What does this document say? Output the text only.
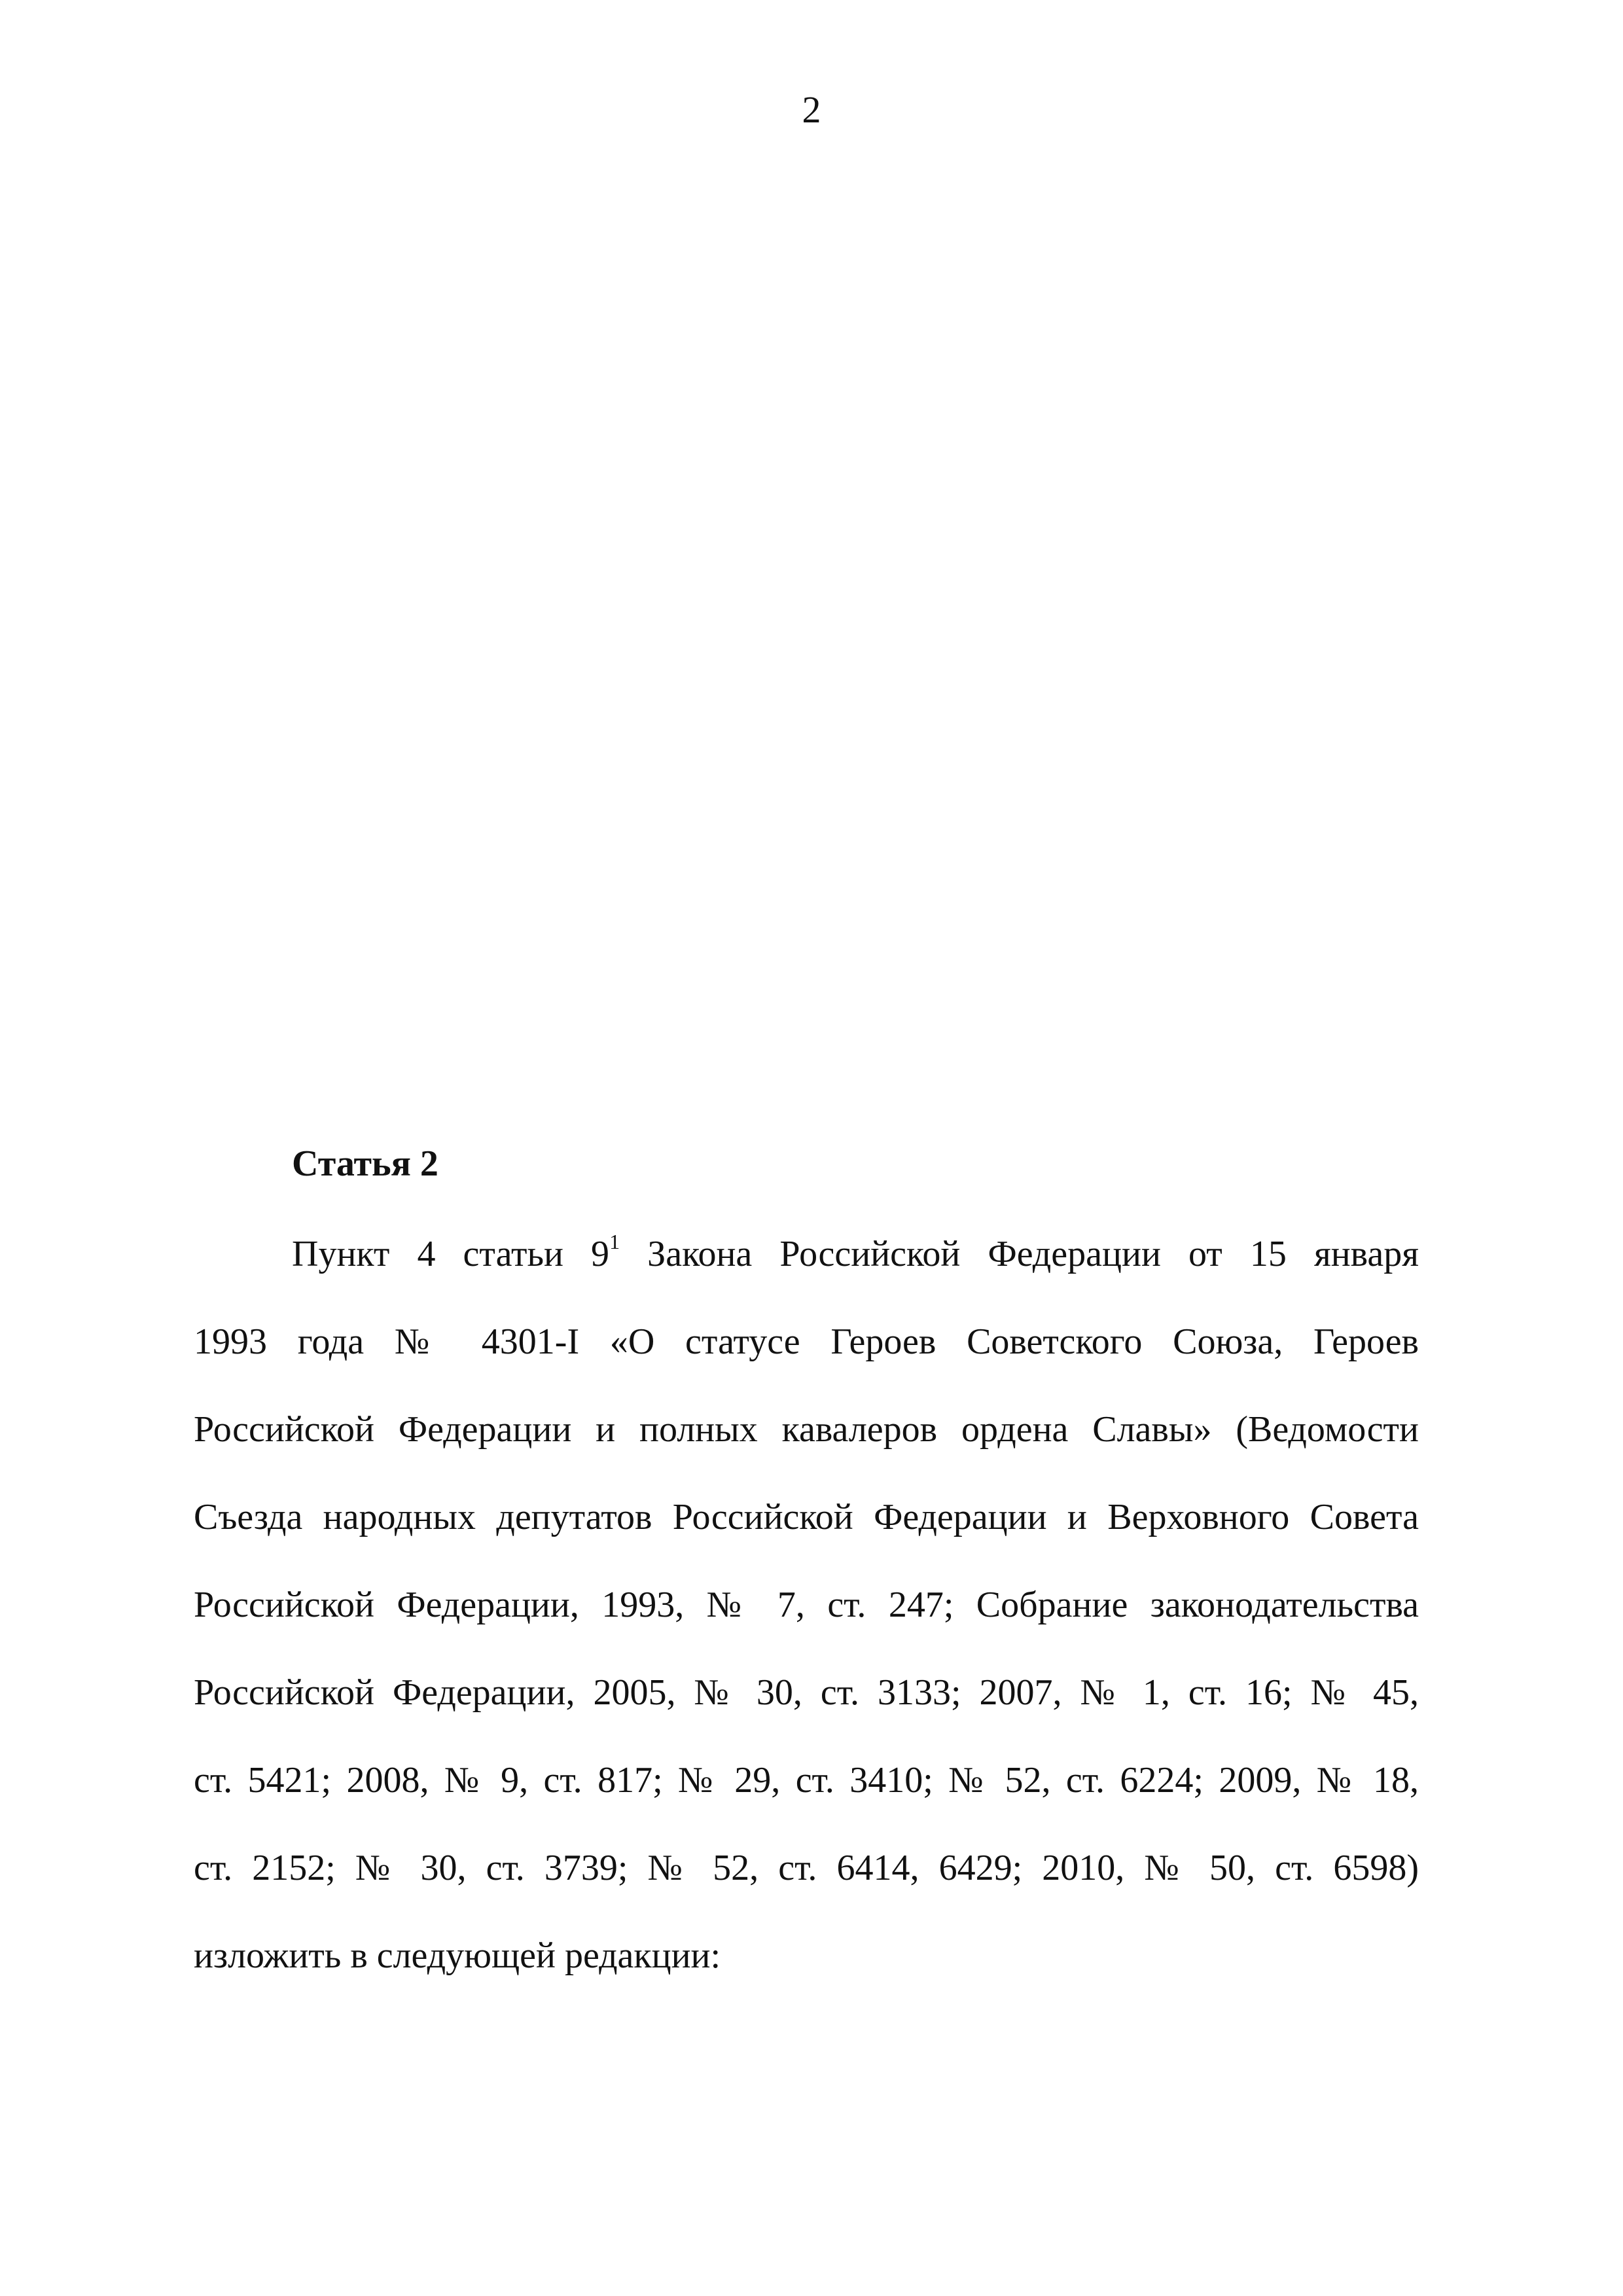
2
Статья 2
Пункт 4 статьи $9^1$ Закона Российской Федерации от 15 января
1993 года № 4301-I «О статусе Героев Советского Союза, Героев
Российской Федерации и полных кавалеров ордена Славы» (Ведомости
Съезда народных депутатов Российской Федерации и Верховного Совета
Российской Федерации, 1993, № 7, ст. 247; Собрание законодательства
Российской Федерации, 2005, № 30, ст. 3133; 2007, № 1, ст. 16; № 45,
ст. 5421; 2008, № 9, ст. 817; № 29, ст. 3410; № 52, ст. 6224; 2009, № 18,
ст. 2152; № 30, ст. 3739; № 52, ст. 6414, 6429; 2010, № 50, ст. 6598)
изложить в следующей редакции:
